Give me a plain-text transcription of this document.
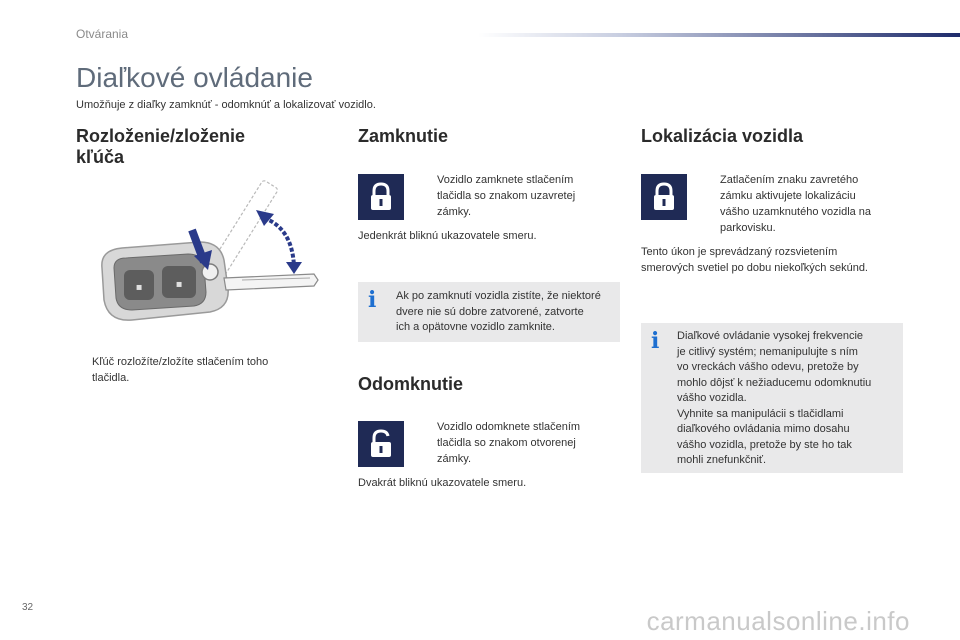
Otvárania
Diaľkové ovládanie
Umožňuje z diaľky zamknúť - odomknúť a lokalizovať vozidlo.
Rozloženie/zloženie
kľúča
▪	▪
Kľúč rozložíte/zložíte stlačením toho
tlačidla.
Zamknutie
Vozidlo zamknete stlačením
tlačidla so znakom uzavretej
zámky.
Jedenkrát bliknú ukazovatele smeru.
i Ak po zamknutí vozidla zistíte, že niektoré
dvere nie sú dobre zatvorené, zatvorte
ich a opätovne vozidlo zamknite.
Odomknutie
Vozidlo odomknete stlačením
tlačidla so znakom otvorenej
zámky.
Dvakrát bliknú ukazovatele smeru.
Lokalizácia vozidla
Zatlačením znaku zavretého
zámku aktivujete lokalizáciu
vášho uzamknutého vozidla na
parkovisku.
Tento úkon je sprevádzaný rozsvietením
smerových svetiel po dobu niekoľkých sekúnd.
i Diaľkové ovládanie vysokej frekvencie
je citlivý systém; nemanipulujte s ním
vo vreckách vášho odevu, pretože by
mohlo dôjsť k nežiaducemu odomknutiu
vášho vozidla.
Vyhnite sa manipulácii s tlačidlami
diaľkového ovládania mimo dosahu
vášho vozidla, pretože by ste ho tak
mohli znefunkčniť.
32	carmanualsonline.info
